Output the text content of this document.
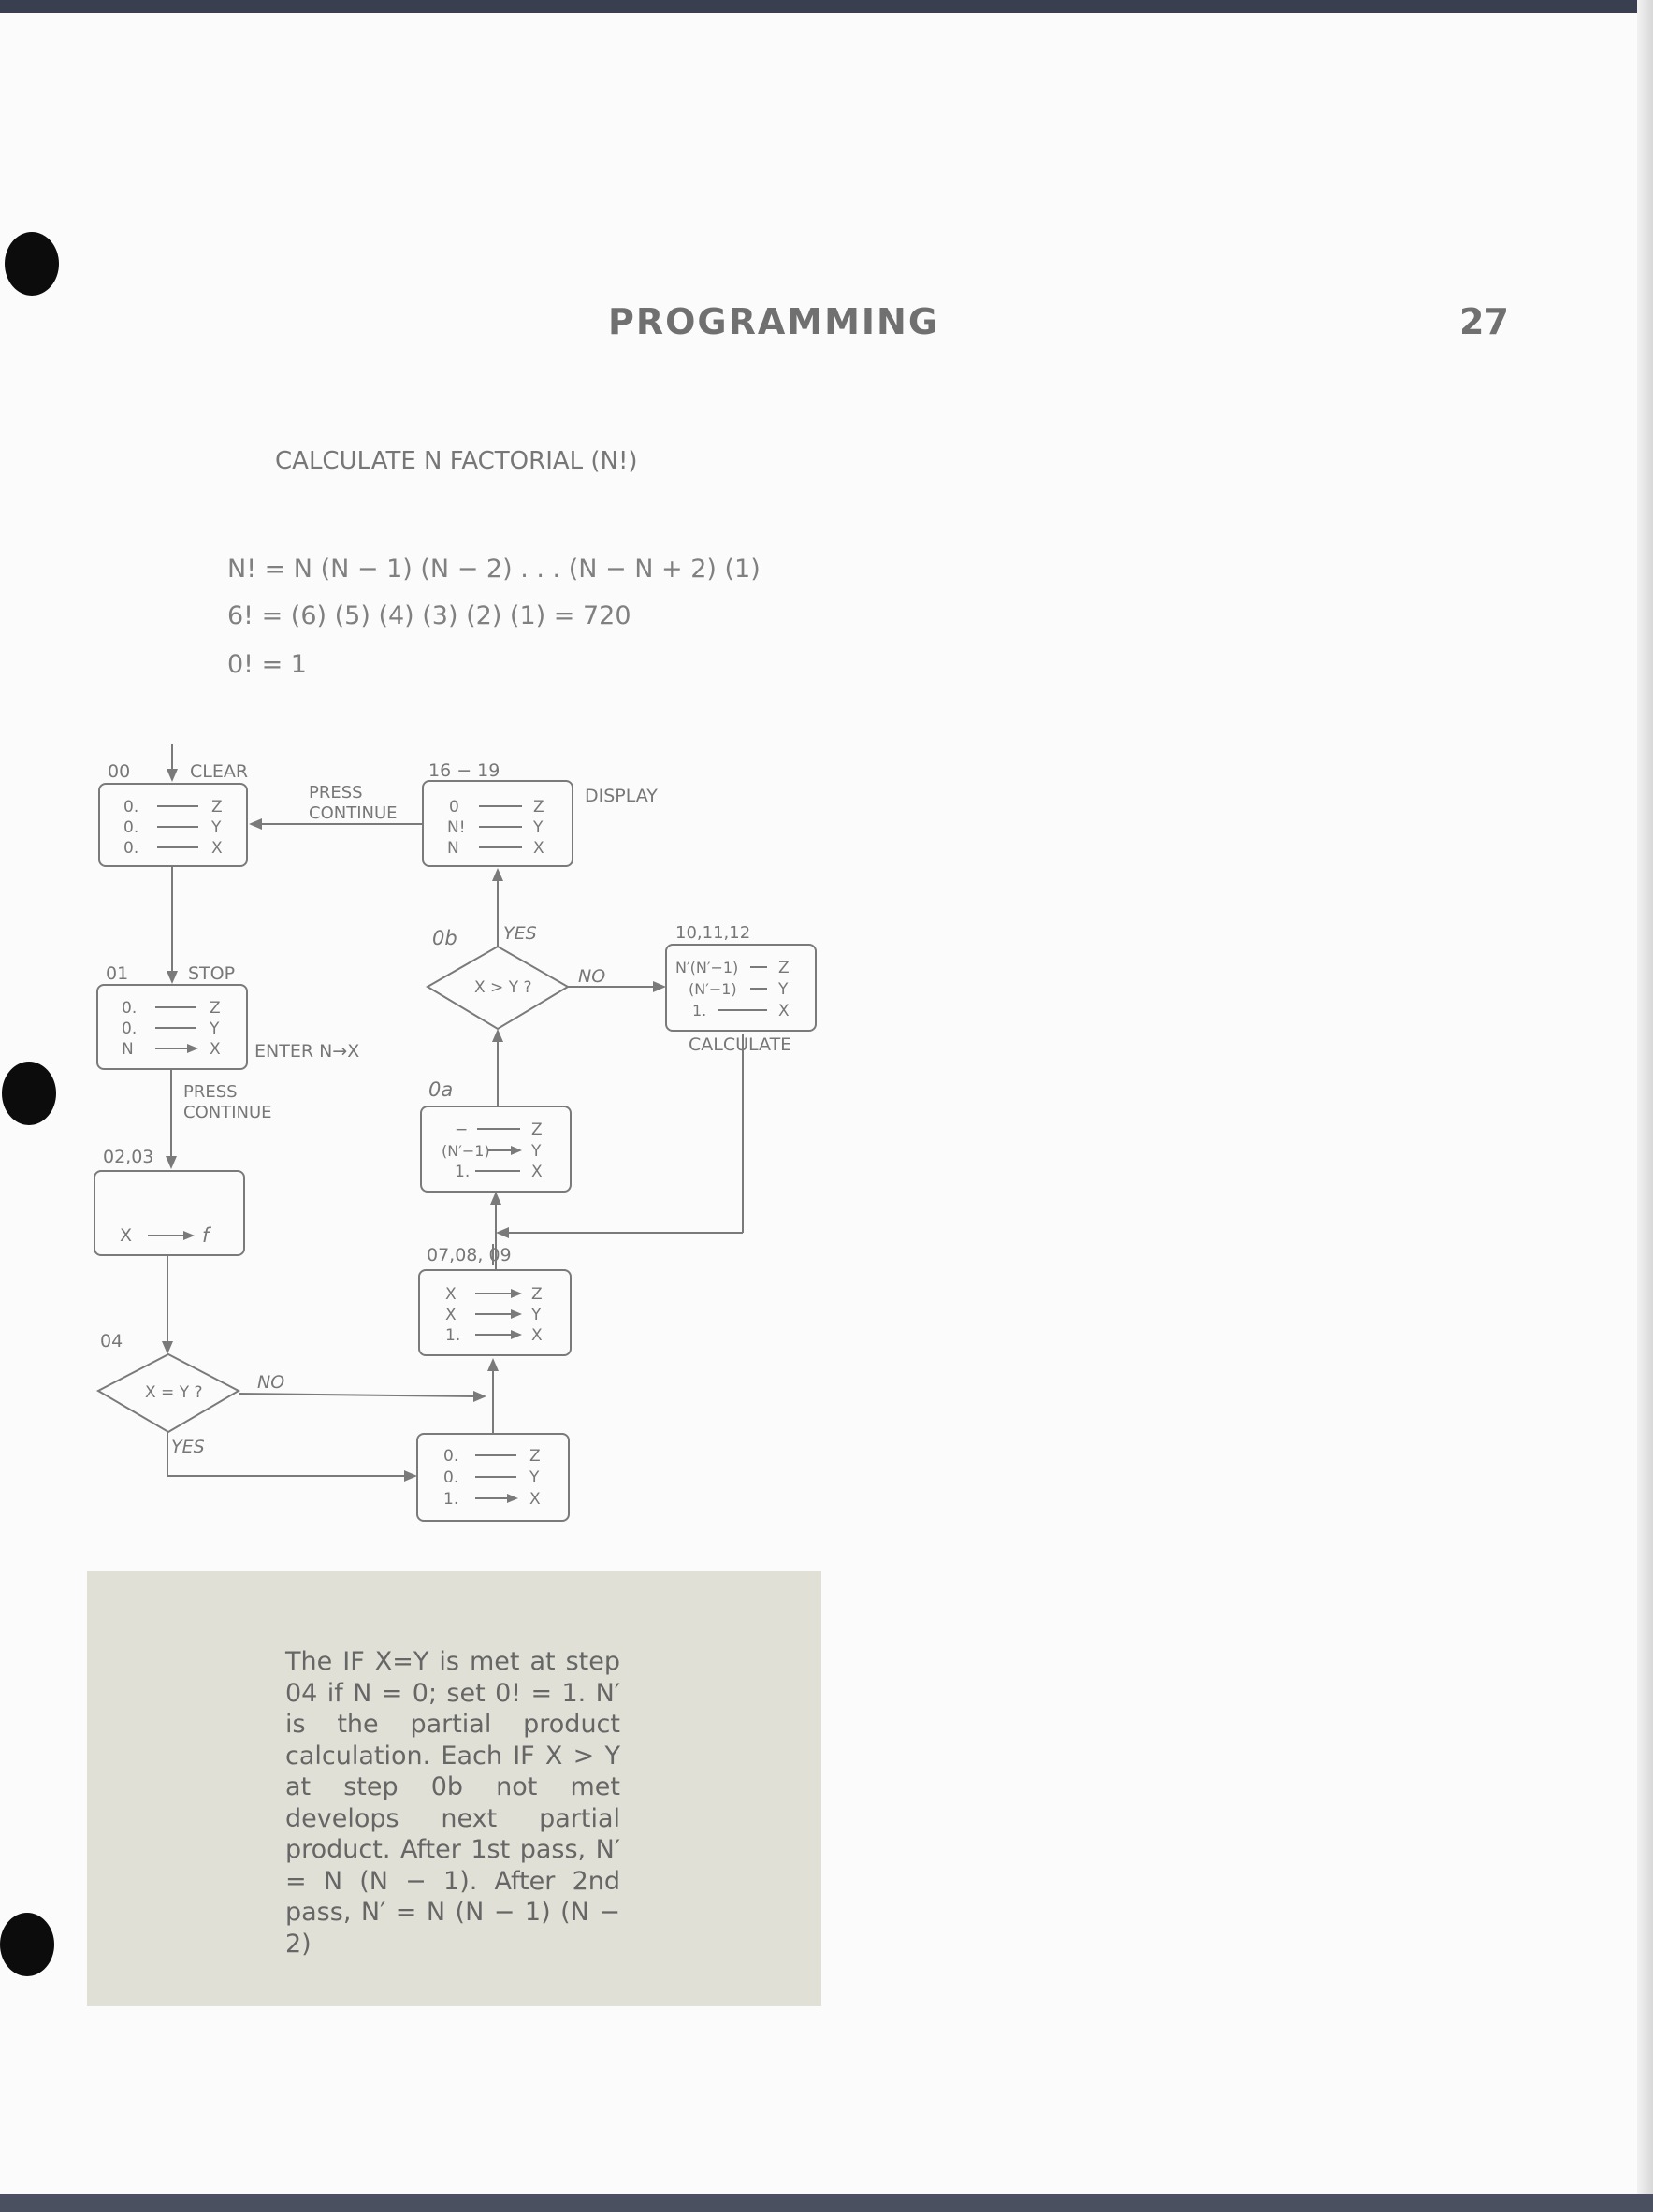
PROGRAMMING	27
CALCULATE N FACTORIAL (N!)
N! = N (N − 1) (N − 2) . . . (N − N + 2) (1)
6! = (6) (5) (4) (3) (2) (1) = 720
0! = 1
00	CLEAR
0.	Z
0.	Y
0.	X
PRESS
CONTINUE
16 − 19
DISPLAY
0	Z
N!	Y
N	X
01	STOP
0.	Z
0.	Y
N	X ENTER N→X
PRESS
CONTINUE
02,03
X	f
04
X = Y ?	NO
YES	0.	Z
0.	Y
1.	X
07,08, 09
X	Z
X	Y
1.	X
0a
−	Z
(N′−1)	Y
1.	X
0b	YES
X > Y ?
NO
10,11,12
N′(N′−1)	Z
(N′−1)	Y
1.	X
CALCULATE
The IF X=Y is met at step 04 if N = 0; set 0! = 1. N′ is the partial product calculation. Each IF X > Y at step 0b not met develops next partial product. After 1st pass, N′ = N (N − 1). After 2nd pass, N′ = N (N − 1) (N − 2)
